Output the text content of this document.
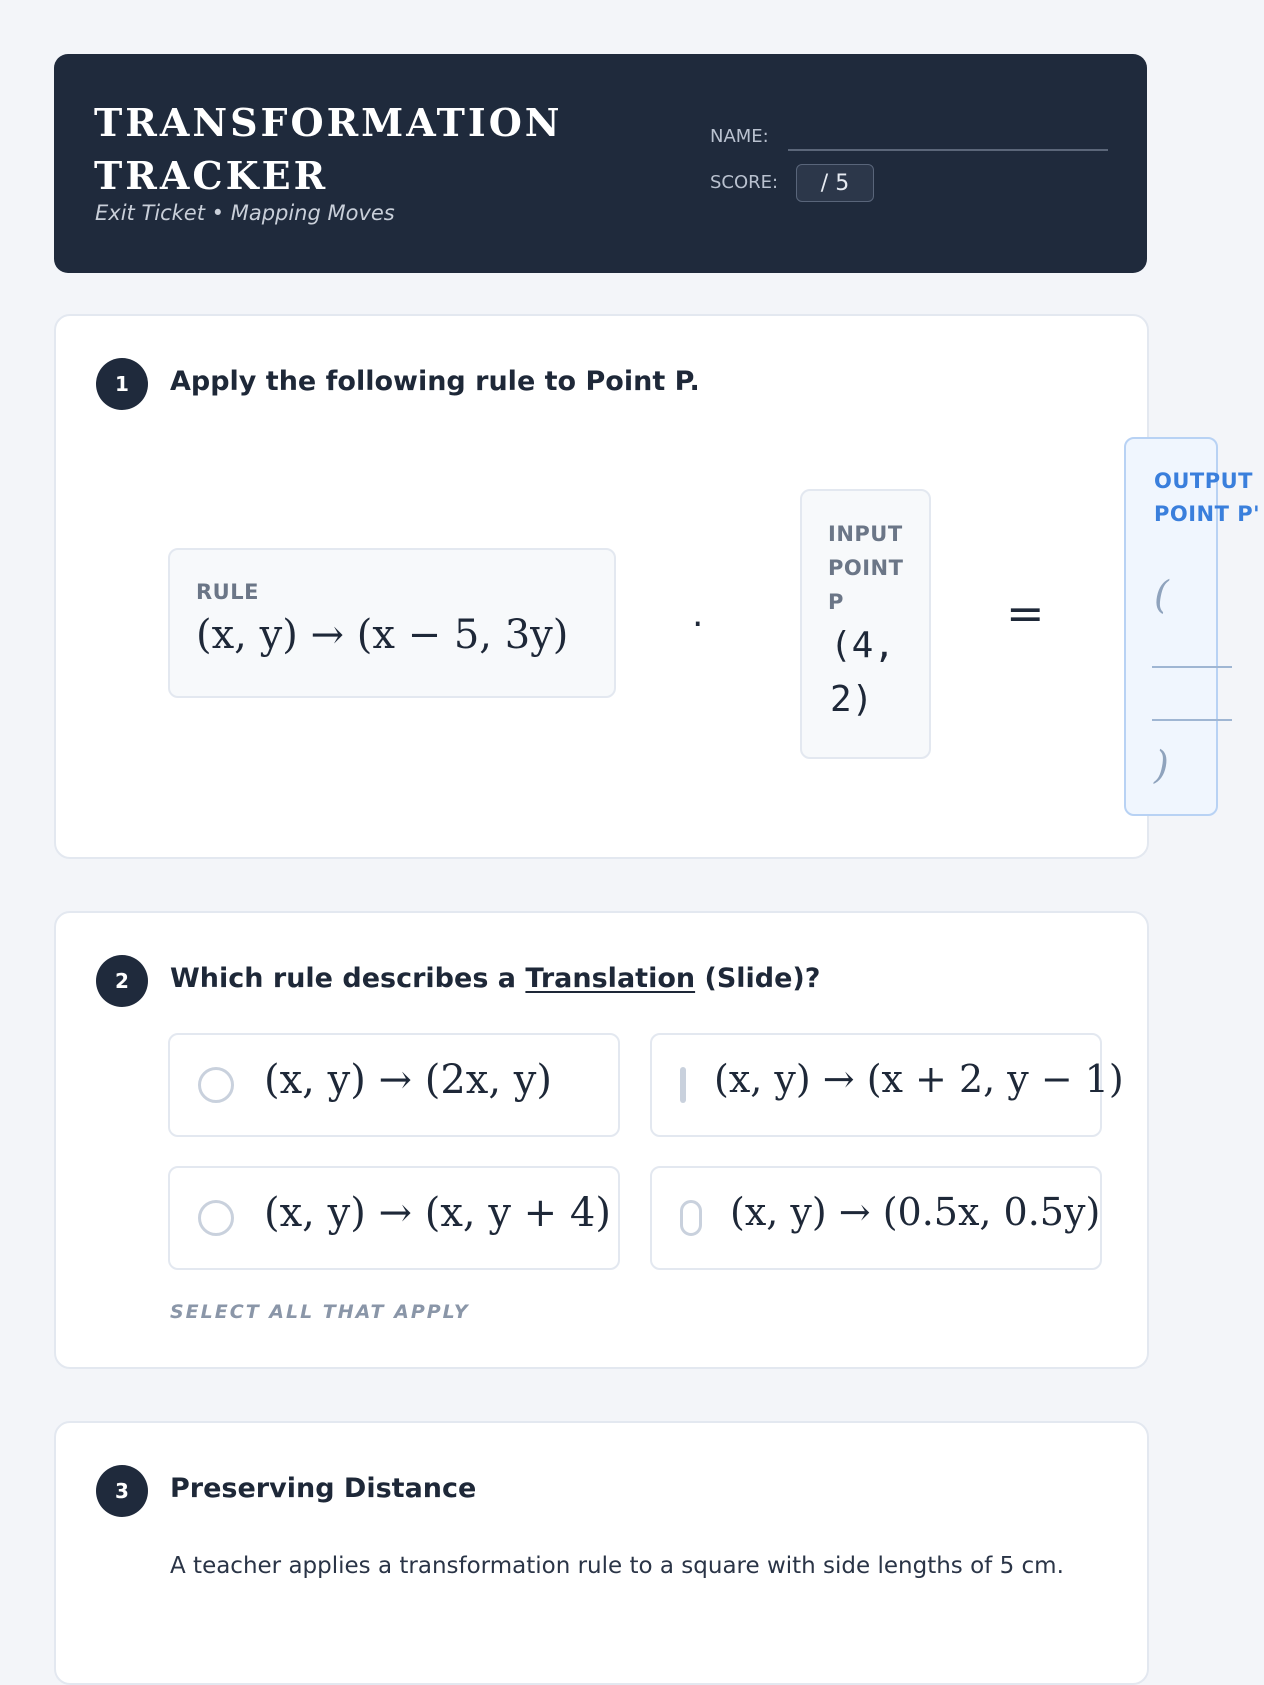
TRANSFORMATION TRACKER
Exit Ticket • Mapping Moves
NAME:
SCORE:	/ 5
1	Apply the following rule to Point P.
RULE
(x, y) → (x − 5, 3y)	·
INPUT POINT P
(4, 2)
=
OUTPUT POINT P'
(
)
2	Which rule describes a Translation (Slide)?
(x, y) → (2x, y)	(x, y) → (x + 2, y − 1)
(x, y) → (x, y + 4)	(x, y) → (0.5x, 0.5y)
SELECT ALL THAT APPLY
3	Preserving Distance
A teacher applies a transformation rule to a square with side lengths of 5 cm.
